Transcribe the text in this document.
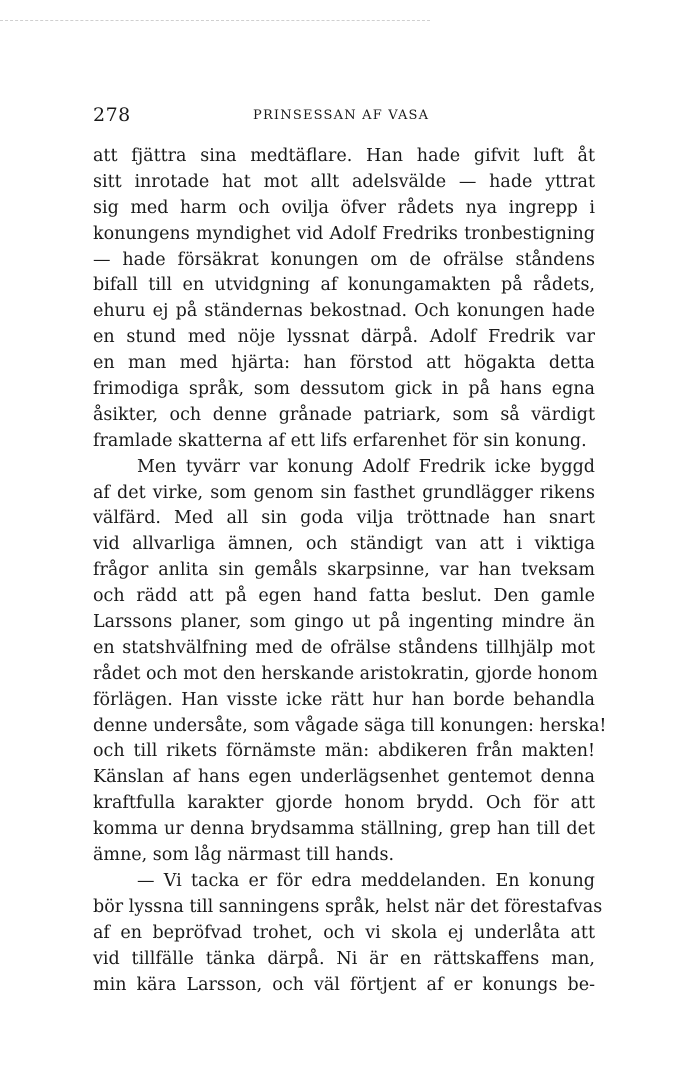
278	PRINSESSAN AF VASA
att fjättra sina medtäflare. Han hade gifvit luft åt
sitt inrotade hat mot allt adelsvälde — hade yttrat
sig med harm och ovilja öfver rådets nya ingrepp i
konungens myndighet vid Adolf Fredriks tronbestigning
— hade försäkrat konungen om de ofrälse ståndens
bifall till en utvidgning af konungamakten på rådets,
ehuru ej på ständernas bekostnad. Och konungen hade
en stund med nöje lyssnat därpå. Adolf Fredrik var
en man med hjärta: han förstod att högakta detta
frimodiga språk, som dessutom gick in på hans egna
åsikter, och denne grånade patriark, som så värdigt
framlade skatterna af ett lifs erfarenhet för sin konung.
Men tyvärr var konung Adolf Fredrik icke byggd
af det virke, som genom sin fasthet grundlägger rikens
välfärd. Med all sin goda vilja tröttnade han snart
vid allvarliga ämnen, och ständigt van att i viktiga
frågor anlita sin gemåls skarpsinne, var han tveksam
och rädd att på egen hand fatta beslut. Den gamle
Larssons planer, som gingo ut på ingenting mindre än
en statshvälfning med de ofrälse ståndens tillhjälp mot
rådet och mot den herskande aristokratin, gjorde honom
förlägen. Han visste icke rätt hur han borde behandla
denne undersåte, som vågade säga till konungen: herska!
och till rikets förnämste män: abdikeren från makten!
Känslan af hans egen underlägsenhet gentemot denna
kraftfulla karakter gjorde honom brydd. Och för att
komma ur denna brydsamma ställning, grep han till det
ämne, som låg närmast till hands.
— Vi tacka er för edra meddelanden. En konung
bör lyssna till sanningens språk, helst när det förestafvas
af en bepröfvad trohet, och vi skola ej underlåta att
vid tillfälle tänka därpå. Ni är en rättskaffens man,
min kära Larsson, och väl förtjent af er konungs be-
